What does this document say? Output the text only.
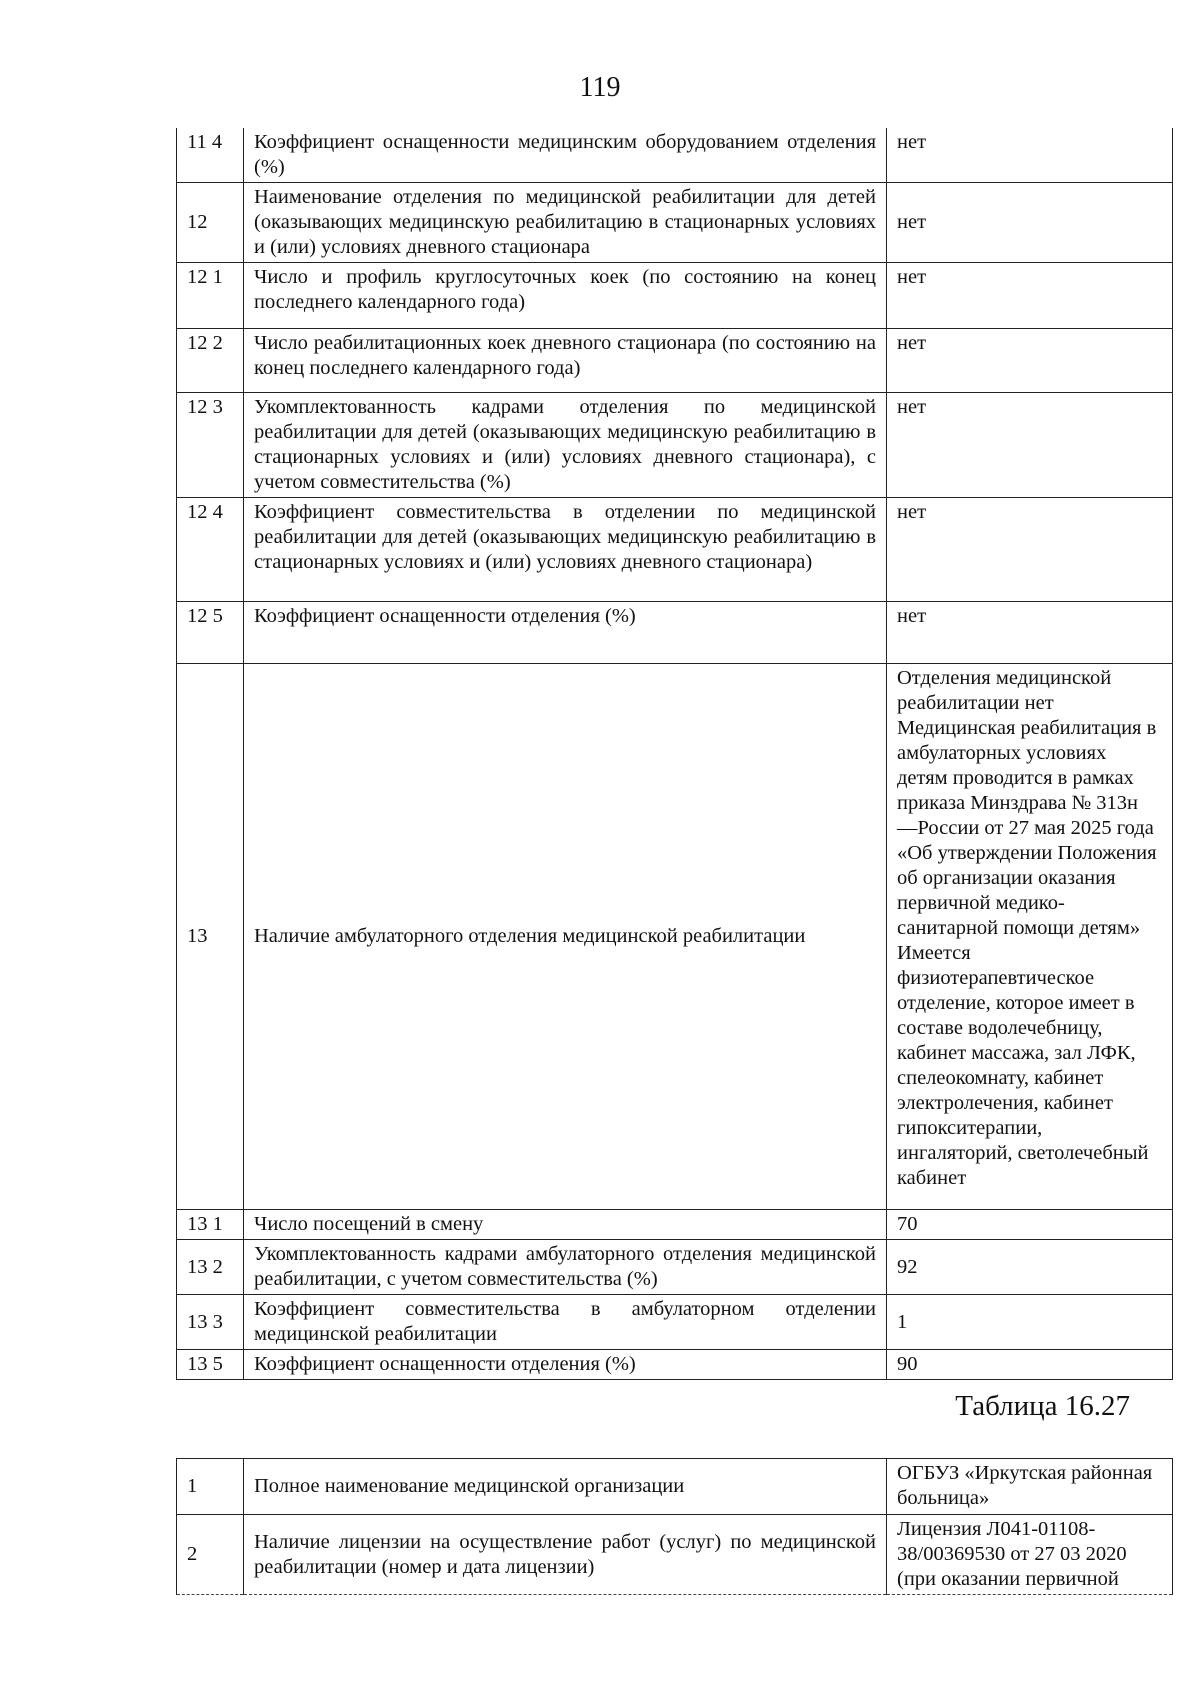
119
11 4	Коэффициент оснащенности медицинским оборудованием отделения (%)	нет
12	Наименование отделения по медицинской реабилитации для детей (оказывающих медицинскую реабилитацию в стационарных условиях и (или) условиях дневного стационара	нет
12 1	Число и профиль круглосуточных коек (по состоянию на конец последнего календарного года)	нет
12 2	Число реабилитационных коек дневного стационара (по состоянию на конец последнего календарного года)	нет
12 3	Укомплектованность кадрами отделения по медицинской реабилитации для детей (оказывающих медицинскую реабилитацию в стационарных условиях и (или) условиях дневного стационара), с учетом совместительства (%)	нет
12 4	Коэффициент совместительства в отделении по медицинской реабилитации для детей (оказывающих медицинскую реабилитацию в стационарных условиях и (или) условиях дневного стационара)	нет
12 5	Коэффициент оснащенности отделения (%)	нет
13	Наличие амбулаторного отделения медицинской реабилитации	Отделения медицинской реабилитации нет Медицинская реабилитация в амбулаторных условиях детям проводится в рамках приказа Минздрава № 313н —России от 27 мая 2025 года «Об утверждении Положения об организации оказания первичной медико-санитарной помощи детям» Имеется физиотерапевтическое отделение, которое имеет в составе водолечебницу, кабинет массажа, зал ЛФК, спелеокомнату, кабинет электролечения, кабинет гипокситерапии, ингаляторий, светолечебный кабинет
13 1	Число посещений в смену	70
13 2	Укомплектованность кадрами амбулаторного отделения медицинской реабилитации, с учетом совместительства (%)	92
13 3	Коэффициент совместительства в амбулаторном отделении медицинской реабилитации	1
13 5	Коэффициент оснащенности отделения (%)	90
Таблица 16.27
1	Полное наименование медицинской организации	ОГБУЗ «Иркутская районная больница»
2	Наличие лицензии на осуществление работ (услуг) по медицинской реабилитации (номер и дата лицензии)	Лицензия Л041-01108-38/00369530 от 27 03 2020 (при оказании первичной
